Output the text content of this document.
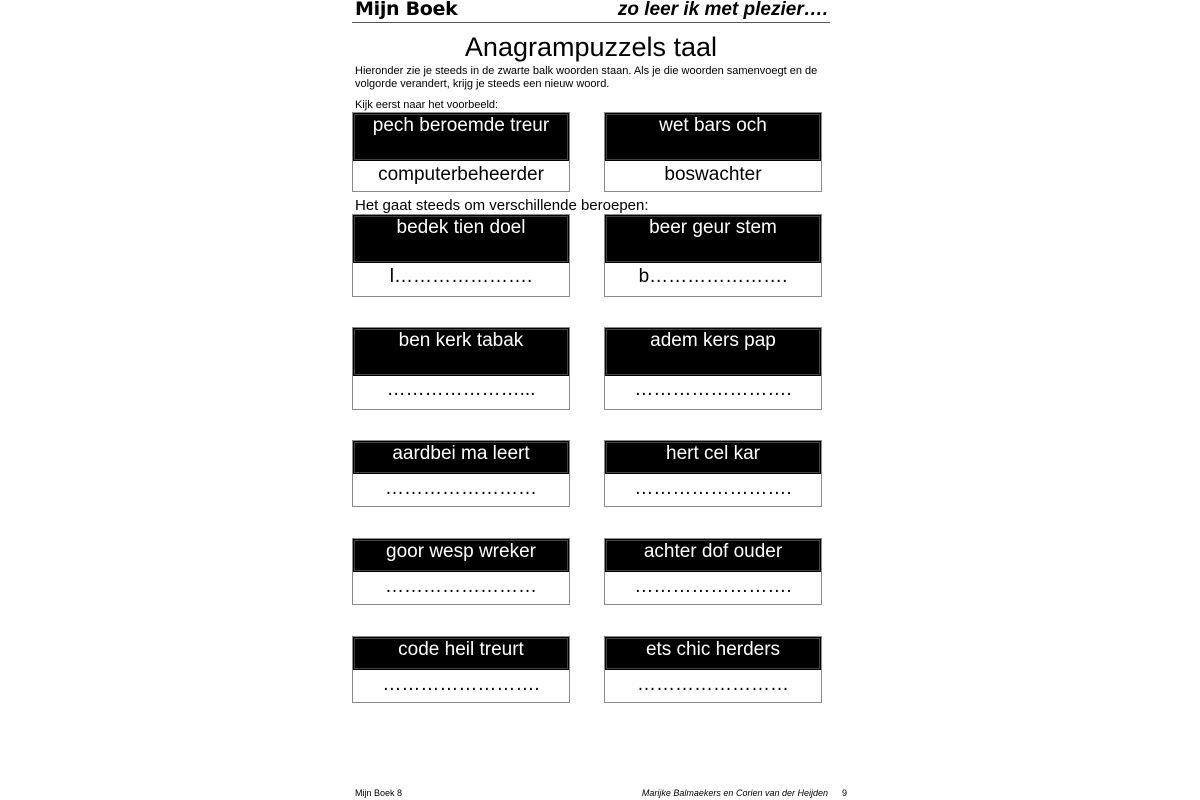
Mijn Boek	zo leer ik met plezier….
Anagrampuzzels taal
Hieronder zie je steeds in de zwarte balk woorden staan. Als je die woorden samenvoegt en de volgorde verandert, krijg je steeds een nieuw woord.
Kijk eerst naar het voorbeeld:
pech beroemde treur
computerbeheerder
wet bars och
boswachter
Het gaat steeds om verschillende beroepen:
bedek tien doel
l………………….
beer geur stem
b………………….
ben kerk tabak
…………………...
adem kers pap
…………………….
aardbei ma leert
……………………
hert cel kar
…………………….
goor wesp wreker
……………………
achter dof ouder
…………………….
code heil treurt
…………………….
ets chic herders
……………………
Mijn Boek 8	Marijke Balmaekers en Corien van der Heijden 9
